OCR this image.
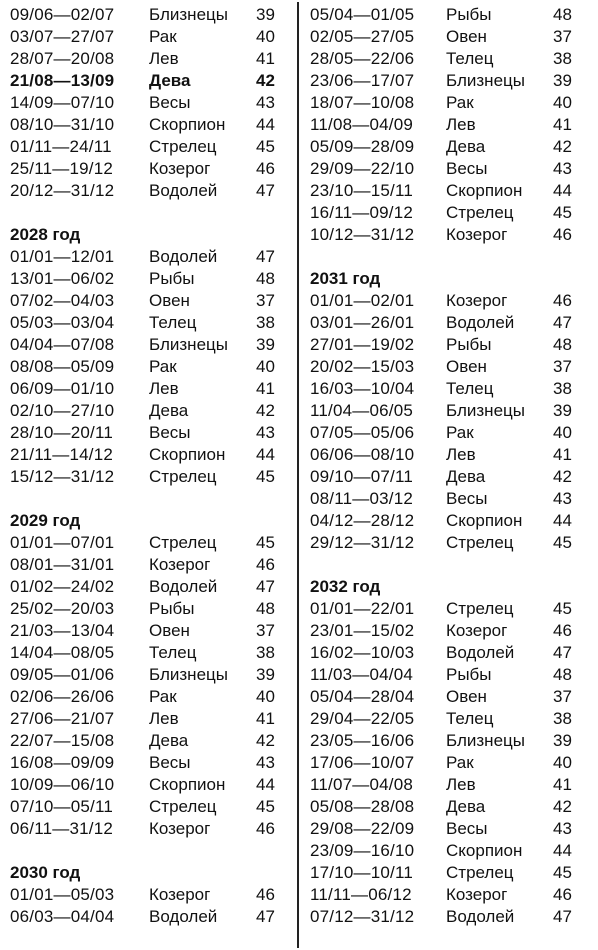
09/06—02/07 Близнецы 39
03/07—27/07 Рак	40
28/07—20/08 Лев	41
21/08—13/09 Дева	42
14/09—07/10 Весы	43
08/10—31/10 Скорпион 44
01/11—24/11 Стрелец 45
25/11—19/12 Козерог	46
20/12—31/12 Водолей 47
2028 год
01/01—12/01 Водолей 47
13/01—06/02 Рыбы	48
07/02—04/03 Овен	37
05/03—03/04 Телец	38
04/04—07/08 Близнецы 39
08/08—05/09 Рак	40
06/09—01/10 Лев	41
02/10—27/10 Дева	42
28/10—20/11 Весы	43
21/11—14/12 Скорпион 44
15/12—31/12 Стрелец 45
2029 год
01/01—07/01 Стрелец 45
08/01—31/01 Козерог	46
01/02—24/02 Водолей 47
25/02—20/03 Рыбы	48
21/03—13/04 Овен	37
14/04—08/05 Телец	38
09/05—01/06 Близнецы 39
02/06—26/06 Рак	40
27/06—21/07 Лев	41
22/07—15/08 Дева	42
16/08—09/09 Весы	43
10/09—06/10 Скорпион 44
07/10—05/11 Стрелец 45
06/11—31/12 Козерог	46
2030 год
01/01—05/03 Козерог	46
06/03—04/04 Водолей 47
05/04—01/05 Рыбы	48
02/05—27/05 Овен	37
28/05—22/06 Телец	38
23/06—17/07 Близнецы 39
18/07—10/08 Рак	40
11/08—04/09 Лев	41
05/09—28/09 Дева	42
29/09—22/10 Весы	43
23/10—15/11 Скорпион 44
16/11—09/12 Стрелец 45
10/12—31/12 Козерог	46
2031 год
01/01—02/01 Козерог	46
03/01—26/01 Водолей 47
27/01—19/02 Рыбы	48
20/02—15/03 Овен	37
16/03—10/04 Телец	38
11/04—06/05 Близнецы 39
07/05—05/06 Рак	40
06/06—08/10 Лев	41
09/10—07/11 Дева	42
08/11—03/12 Весы	43
04/12—28/12 Скорпион 44
29/12—31/12 Стрелец 45
2032 год
01/01—22/01 Стрелец 45
23/01—15/02 Козерог	46
16/02—10/03 Водолей 47
11/03—04/04 Рыбы	48
05/04—28/04 Овен	37
29/04—22/05 Телец	38
23/05—16/06 Близнецы 39
17/06—10/07 Рак	40
11/07—04/08 Лев	41
05/08—28/08 Дева	42
29/08—22/09 Весы	43
23/09—16/10 Скорпион 44
17/10—10/11 Стрелец 45
11/11—06/12 Козерог	46
07/12—31/12 Водолей 47
